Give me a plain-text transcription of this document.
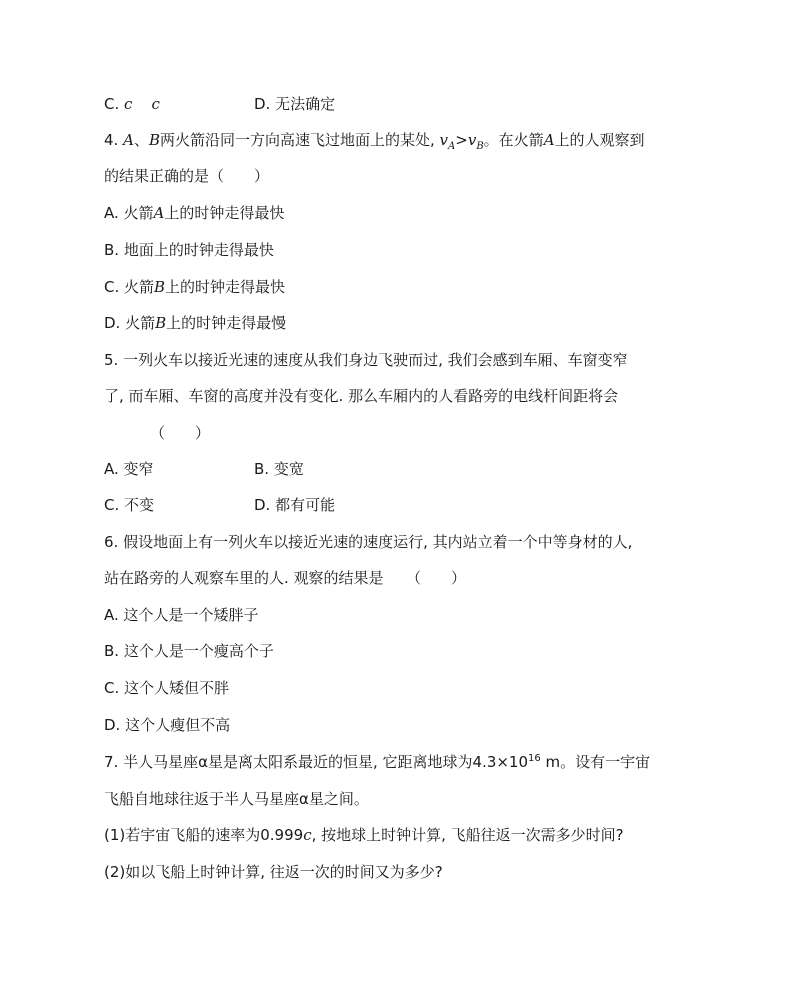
C. c c	D. 无法确定
4. A、B两火箭沿同一方向高速飞过地面上的某处, $v_A>v_B$。在火箭A上的人观察到
的结果正确的是（　　）
A. 火箭A上的时钟走得最快
B. 地面上的时钟走得最快
C. 火箭B上的时钟走得最快
D. 火箭B上的时钟走得最慢
5. 一列火车以接近光速的速度从我们身边飞驶而过, 我们会感到车厢、车窗变窄
了, 而车厢、车窗的高度并没有变化. 那么车厢内的人看路旁的电线杆间距将会
（　　）
A. 变窄	B. 变宽
C. 不变	D. 都有可能
6. 假设地面上有一列火车以接近光速的速度运行, 其内站立着一个中等身材的人,
站在路旁的人观察车里的人. 观察的结果是　　（　　）
A. 这个人是一个矮胖子
B. 这个人是一个瘦高个子
C. 这个人矮但不胖
D. 这个人瘦但不高
7. 半人马星座α星是离太阳系最近的恒星, 它距离地球为$4.3\times 10^{16}$ m。设有一宇宙
飞船自地球往返于半人马星座α星之间。
(1)若宇宙飞船的速率为0.999c, 按地球上时钟计算, 飞船往返一次需多少时间?
(2)如以飞船上时钟计算, 往返一次的时间又为多少?
